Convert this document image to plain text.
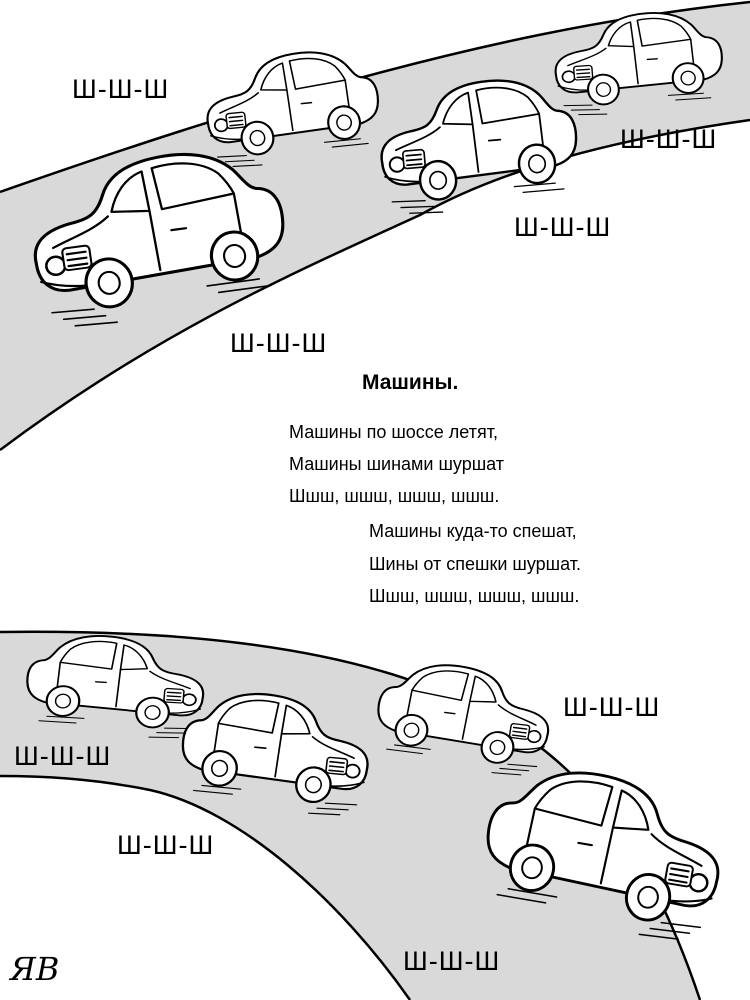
Ш-Ш-Ш
Ш-Ш-Ш
Ш-Ш-Ш
Ш-Ш-Ш
Ш-Ш-Ш
Ш-Ш-Ш
Ш-Ш-Ш
Ш-Ш-Ш
Машины.
Машины по шоссе летят,
Машины шинами шуршат
Шшш, шшш, шшш, шшш.
Машины куда-то спешат,
Шины от спешки шуршат.
Шшш, шшш, шшш, шшш.
ЯВ
